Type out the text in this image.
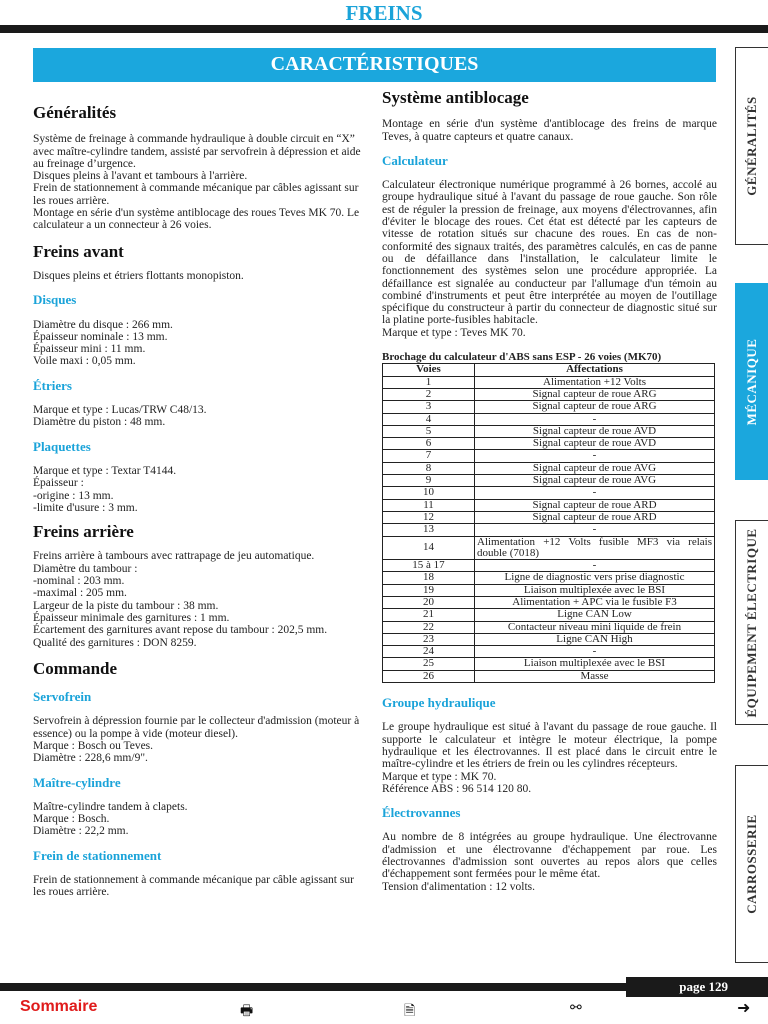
FREINS
CARACTÉRISTIQUES
GÉNÉRALITÉS
MÉCANIQUE
ÉQUIPEMENT ÉLECTRIQUE
CARROSSERIE
Généralités

Système de freinage à commande hydraulique à double circuit en “X” avec maître-cylindre tandem, assisté par servofrein à dépression et aide au freinage d’urgence.
Disques pleins à l'avant et tambours à l'arrière.
Frein de stationnement à commande mécanique par câbles agissant sur les roues arrière.
Montage en série d'un système antiblocage des roues Teves MK 70. Le calculateur a un connecteur à 26 voies.

Freins avant

Disques pleins et étriers flottants monopiston.

Disques

Diamètre du disque : 266 mm.
Épaisseur nominale : 13 mm.
Épaisseur mini : 11 mm.
Voile maxi : 0,05 mm.

Étriers

Marque et type : Lucas/TRW C48/13.
Diamètre du piston : 48 mm.

Plaquettes

Marque et type : Textar T4144.
Épaisseur :
-origine : 13 mm.
-limite d'usure : 3 mm.

Freins arrière

Freins arrière à tambours avec rattrapage de jeu automatique.
Diamètre du tambour :
-nominal : 203 mm.
-maximal : 205 mm.
Largeur de la piste du tambour : 38 mm.
Épaisseur minimale des garnitures : 1 mm.
Écartement des garnitures avant repose du tambour : 202,5 mm.
Qualité des garnitures : DON 8259.

Commande
Servofrein

Servofrein à dépression fournie par le collecteur d'admission (moteur à essence) ou la pompe à vide (moteur diesel).
Marque : Bosch ou Teves.
Diamètre : 228,6 mm/9".

Maître-cylindre

Maître-cylindre tandem à clapets.
Marque : Bosch.
Diamètre : 22,2 mm.

Frein de stationnement

Frein de stationnement à commande mécanique par câble agissant sur les roues arrière.

Système antiblocage

Montage en série d'un système d'antiblocage des freins de marque Teves, à quatre capteurs et quatre canaux.

Calculateur

Calculateur électronique numérique programmé à 26 bornes, accolé au groupe hydraulique situé à l'avant du passage de roue gauche. Son rôle est de réguler la pression de freinage, aux moyens d'électrovannes, afin d'éviter le blocage des roues. Cet état est détecté par les capteurs de vitesse de rotation situés sur chacune des roues. En cas de non-conformité des signaux traités, des paramètres calculés, en cas de panne ou de défaillance dans l'installation, le calculateur limite le fonctionnement des systèmes selon une procédure appropriée. La défaillance est signalée au conducteur par l'allumage d'un témoin au combiné d'instruments et peut être interprétée au moyen de l'outillage spécifique du constructeur à partir du connecteur de diagnostic situé sur la platine porte-fusibles habitacle.
Marque et type : Teves MK 70.

Brochage du calculateur d'ABS sans ESP - 26 voies (MK70)

Voies	Affectations
1	Alimentation +12 Volts
2	Signal capteur de roue ARG
3	Signal capteur de roue ARG
4	-
5	Signal capteur de roue AVD
6	Signal capteur de roue AVD
7	-
8	Signal capteur de roue AVG
9	Signal capteur de roue AVG
10	-
11	Signal capteur de roue ARD
12	Signal capteur de roue ARD
13	-
14	Alimentation +12 Volts fusible MF3 via relais double (7018)
15 à 17	-
18	Ligne de diagnostic vers prise diagnostic
19	Liaison multiplexée avec le BSI
20	Alimentation + APC via le fusible F3
21	Ligne CAN Low
22	Contacteur niveau mini liquide de frein
23	Ligne CAN High
24	-
25	Liaison multiplexée avec le BSI
26	Masse
Groupe hydraulique

Le groupe hydraulique est situé à l'avant du passage de roue gauche. Il supporte le calculateur et intègre le moteur électrique, la pompe hydraulique et les électrovannes. Il est placé dans le circuit entre le maître-cylindre et les étriers de frein ou les cylindres récepteurs.
Marque et type : MK 70.
Référence ABS : 96 514 120 80.

Électrovannes

Au nombre de 8 intégrées au groupe hydraulique. Une électrovanne d'admission et une électrovanne d'échappement par roue. Les électrovannes d'admission sont ouvertes au repos alors que celles d'échappement sont fermées pour le même état.
Tension d'alimentation : 12 volts.

page 129
Sommaire	🖶	🗎	⚯	➜
